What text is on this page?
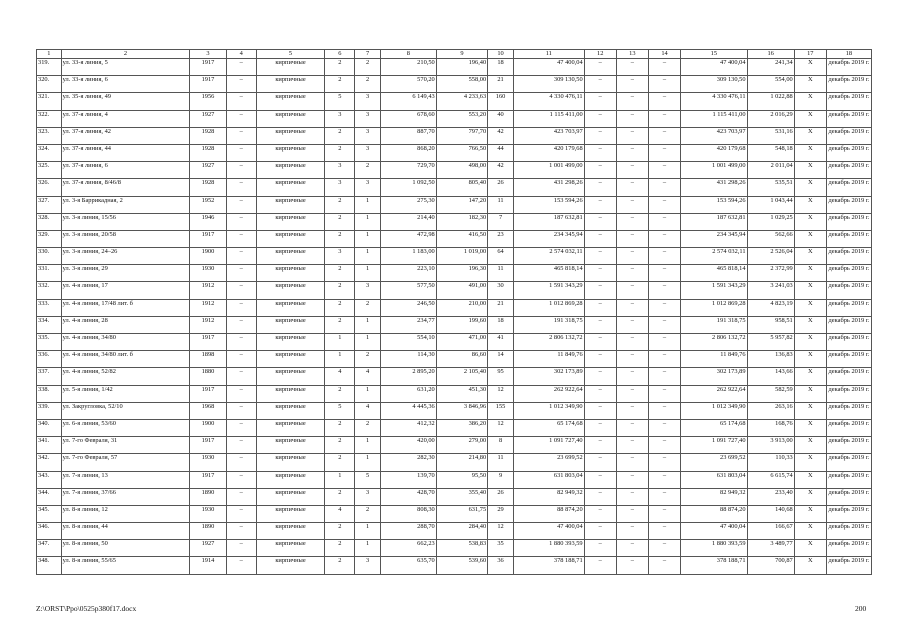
1	2	3	4	5	6	7	8	9	10	11	12	13	14	15	16	17	18
319.	ул. 33-я линия, 5	1917	–	кирпичные	2	2	210,50	196,40	18	47 400,04	–	–	–	47 400,04	241,34	Х	декабрь 2019 г.
320.	ул. 33-я линия, 6	1917	–	кирпичные	2	2	570,20	558,00	21	309 130,50	–	–	–	309 130,50	554,00	Х	декабрь 2019 г.
321.	ул. 35-я линия, 49	1956	–	кирпичные	5	3	6 149,43	4 233,63	160	4 330 476,11	–	–	–	4 330 476,11	1 022,88	Х	декабрь 2019 г.
322.	ул. 37-я линия, 4	1927	–	кирпичные	3	3	678,60	553,20	40	1 115 411,00	–	–	–	1 115 411,00	2 016,29	Х	декабрь 2019 г.
323.	ул. 37-я линия, 42	1928	–	кирпичные	2	3	887,70	797,70	42	423 703,97	–	–	–	423 703,97	531,16	Х	декабрь 2019 г.
324.	ул. 37-я линия, 44	1928	–	кирпичные	2	3	868,20	766,50	44	420 179,68	–	–	–	420 179,68	548,18	Х	декабрь 2019 г.
325.	ул. 37-я линия, 6	1927	–	кирпичные	3	2	729,70	498,00	42	1 001 499,00	–	–	–	1 001 499,00	2 011,04	Х	декабрь 2019 г.
326.	ул. 37-я линия, 8/46/8	1928	–	кирпичные	3	3	1 092,50	805,40	26	431 298,26	–	–	–	431 298,26	535,51	Х	декабрь 2019 г.
327.	ул. 3-я Баррикадная, 2	1952	–	кирпичные	2	1	275,30	147,20	11	153 594,26	–	–	–	153 594,26	1 043,44	Х	декабрь 2019 г.
328.	ул. 3-я линия, 15/56	1946	–	кирпичные	2	1	214,40	182,30	7	187 632,81	–	–	–	187 632,81	1 029,25	Х	декабрь 2019 г.
329.	ул. 3-я линия, 20/58	1917	–	кирпичные	2	1	472,98	416,50	23	234 345,94	–	–	–	234 345,94	562,66	Х	декабрь 2019 г.
330.	ул. 3-я линия, 24–26	1900	–	кирпичные	3	1	1 183,00	1 019,00	64	2 574 032,11	–	–	–	2 574 032,11	2 526,04	Х	декабрь 2019 г.
331.	ул. 3-я линия, 29	1930	–	кирпичные	2	1	223,10	196,30	11	465 818,14	–	–	–	465 818,14	2 372,99	Х	декабрь 2019 г.
332.	ул. 4-я линия, 17	1912	–	кирпичные	2	3	577,50	491,00	30	1 591 343,29	–	–	–	1 591 343,29	3 241,03	Х	декабрь 2019 г.
333.	ул. 4-я линия, 17/48 лит. б	1912	–	кирпичные	2	2	246,50	210,00	21	1 012 869,28	–	–	–	1 012 869,28	4 823,19	Х	декабрь 2019 г.
334.	ул. 4-я линия, 28	1912	–	кирпичные	2	1	234,77	199,60	18	191 318,75	–	–	–	191 318,75	958,51	Х	декабрь 2019 г.
335.	ул. 4-я линия, 34/80	1917	–	кирпичные	1	1	554,10	471,00	41	2 806 132,72	–	–	–	2 806 132,72	5 957,82	Х	декабрь 2019 г.
336.	ул. 4-я линия, 34/80 лит. б	1898	–	кирпичные	1	2	114,30	86,60	14	11 849,76	–	–	–	11 849,76	136,83	Х	декабрь 2019 г.
337.	ул. 4-я линия, 52/82	1880	–	кирпичные	4	4	2 895,20	2 105,40	95	302 173,89	–	–	–	302 173,89	143,66	Х	декабрь 2019 г.
338.	ул. 5-я линия, 1/42	1917	–	кирпичные	2	1	631,20	451,30	12	262 922,64	–	–	–	262 922,64	582,59	Х	декабрь 2019 г.
339.	ул. Закругловка, 52/10	1968	–	кирпичные	5	4	4 445,36	3 846,96	155	1 012 349,90	–	–	–	1 012 349,90	263,16	Х	декабрь 2019 г.
340.	ул. 6-я линия, 53/60	1900	–	кирпичные	2	2	412,32	386,20	12	65 174,68	–	–	–	65 174,68	168,76	Х	декабрь 2019 г.
341.	ул. 7-го Февраля, 31	1917	–	кирпичные	2	1	420,00	279,00	8	1 091 727,40	–	–	–	1 091 727,40	3 913,00	Х	декабрь 2019 г.
342.	ул. 7-го Февраля, 57	1930	–	кирпичные	2	1	282,30	214,80	11	23 699,52	–	–	–	23 699,52	110,33	Х	декабрь 2019 г.
343.	ул. 7-я линия, 13	1917	–	кирпичные	1	5	139,70	95,50	9	631 803,04	–	–	–	631 803,04	6 615,74	Х	декабрь 2019 г.
344.	ул. 7-я линия, 37/66	1890	–	кирпичные	2	3	428,70	355,40	26	82 949,32	–	–	–	82 949,32	233,40	Х	декабрь 2019 г.
345.	ул. 8-я линия, 12	1930	–	кирпичные	4	2	808,30	631,75	29	88 874,20	–	–	–	88 874,20	140,68	Х	декабрь 2019 г.
346.	ул. 8-я линия, 44	1890	–	кирпичные	2	1	288,70	284,40	12	47 400,04	–	–	–	47 400,04	166,67	Х	декабрь 2019 г.
347.	ул. 8-я линия, 50	1927	–	кирпичные	2	1	662,23	538,83	35	1 880 393,59	–	–	–	1 880 393,59	3 489,77	Х	декабрь 2019 г.
348.	ул. 8-я линия, 55/65	1914	–	кирпичные	2	3	635,70	539,60	36	378 188,71	–	–	–	378 188,71	700,87	Х	декабрь 2019 г.
Z:\ORST\Ppo\0525p380f17.docx	200
